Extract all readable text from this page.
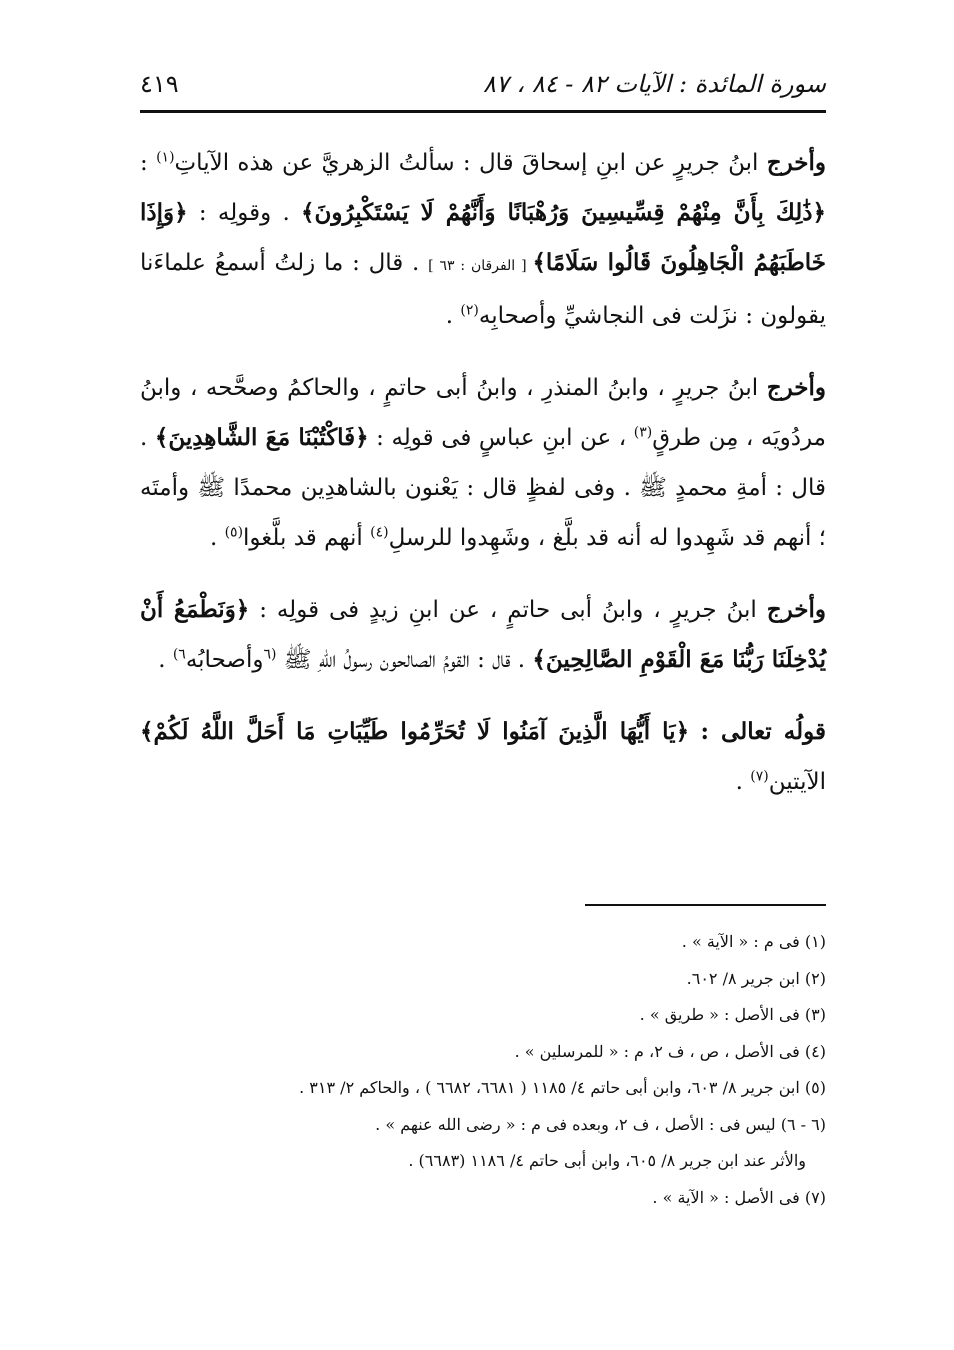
سورة المائدة : الآيات ٨٢ - ٨٤ ، ٨٧
٤١٩

وأخرج ابنُ جريرٍ عن ابنِ إسحاقَ قال : سألتُ الزهريَّ عن هذه الآياتِ$^{(١)}$ : ﴿ذَٰلِكَ بِأَنَّ مِنْهُمْ قِسِّيسِينَ وَرُهْبَانًا وَأَنَّهُمْ لَا يَسْتَكْبِرُونَ﴾ . وقولِه : ﴿وَإِذَا خَاطَبَهُمُ الْجَاهِلُونَ قَالُوا سَلَامًا﴾ [ الفرقان : ٦٣ ] . قال : ما زلتُ أسمعُ علماءَنا يقولون : نزَلت فى النجاشيِّ وأصحابِه$^{(٢)}$ .

وأخرج ابنُ جريرٍ ، وابنُ المنذرِ ، وابنُ أبى حاتمٍ ، والحاكمُ وصحَّحه ، وابنُ مردُويَه ، مِن طرقٍ$^{(٣)}$ ، عن ابنِ عباسٍ فى قولِه : ﴿فَاكْتُبْنَا مَعَ الشَّاهِدِينَ﴾ . قال : أمةِ محمدٍ ﷺ . وفى لفظٍ قال : يَعْنون بالشاهدِين محمدًا ﷺ وأمتَه ؛ أنهم قد شَهِدوا له أنه قد بلَّغ ، وشَهِدوا للرسلِ$^{(٤)}$ أنهم قد بلَّغوا$^{(٥)}$ .

وأخرج ابنُ جريرٍ ، وابنُ أبى حاتمٍ ، عن ابنِ زيدٍ فى قولِه : ﴿وَنَطْمَعُ أَنْ يُدْخِلَنَا رَبُّنَا مَعَ الْقَوْمِ الصَّالِحِينَ﴾ . قال : القومُ الصالحون رسولُ اللهِ ﷺ $^{(٦}$وأصحابُه$^{٦)}$ .

قولُه تعالى : ﴿يَا أَيُّهَا الَّذِينَ آمَنُوا لَا تُحَرِّمُوا طَيِّبَاتِ مَا أَحَلَّ اللَّهُ لَكُمْ﴾ الآيتين$^{(٧)}$ .

(١) فى م : « الآية » .
(٢) ابن جرير ٨/ ٦٠٢.
(٣) فى الأصل : « طريق » .
(٤) فى الأصل ، ص ، ف ٢، م : « للمرسلين » .
(٥) ابن جرير ٨/ ٦٠٣، وابن أبى حاتم ٤/ ١١٨٥ ( ٦٦٨١، ٦٦٨٢ ) ، والحاكم ٢/ ٣١٣ .
(٦ - ٦) ليس فى : الأصل ، ف ٢، وبعده فى م : « رضى الله عنهم » .
والأثر عند ابن جرير ٨/ ٦٠٥، وابن أبى حاتم ٤/ ١١٨٦ (٦٦٨٣) .
(٧) فى الأصل : « الآية » .
